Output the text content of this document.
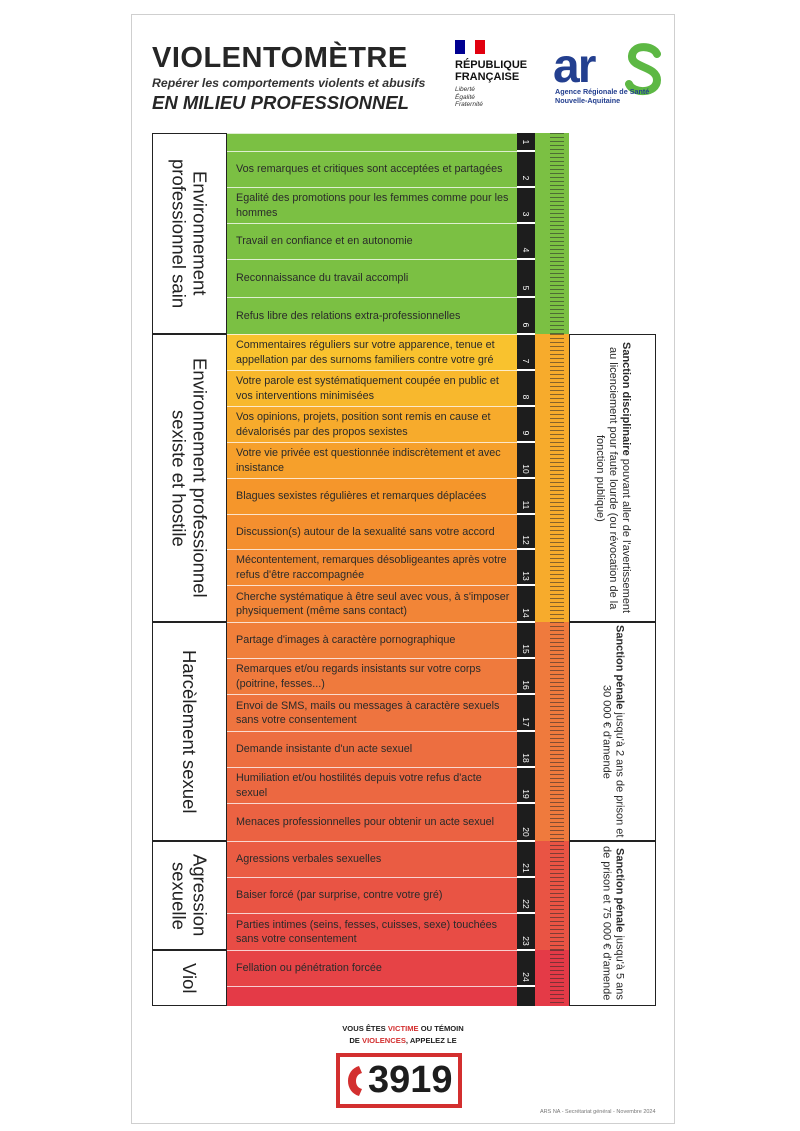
VIOLENTOMÈTRE
Repérer les comportements violents et abusifs
EN MILIEU PROFESSIONNEL
RÉPUBLIQUE
FRANÇAISE
Liberté
Égalité
Fraternité
ar
Agence Régionale de Santé
Nouvelle-Aquitaine
Environnement
professionnel sain
Environnement professionnel
sexiste et hostile
Harcèlement sexuel
Agression
sexuelle
Viol
Vos remarques et critiques sont acceptées et partagées
Egalité des promotions pour les femmes comme pour les hommes
Travail en confiance et en autonomie
Reconnaissance du travail accompli
Refus libre des relations extra-professionnelles
Commentaires réguliers sur votre apparence, tenue et appellation par des surnoms familiers contre votre gré
Votre parole est systématiquement coupée en public et vos interventions minimisées
Vos opinions, projets, position sont remis en cause et dévalorisés par des propos sexistes
Votre vie privée est questionnée indiscrètement et avec insistance
Blagues sexistes régulières et remarques déplacées
Discussion(s) autour de la sexualité sans votre accord
Mécontentement, remarques désobligeantes après votre refus d'être raccompagnée
Cherche systématique à être seul avec vous, à s'imposer physiquement (même sans contact)
Partage d'images à caractère pornographique
Remarques et/ou regards insistants sur votre corps (poitrine, fesses...)
Envoi de SMS, mails ou messages à caractère sexuels sans votre consentement
Demande insistante d'un acte sexuel
Humiliation et/ou hostilités depuis votre refus d'acte sexuel
Menaces professionnelles pour obtenir un acte sexuel
Agressions verbales sexuelles
Baiser forcé (par surprise, contre votre gré)
Parties intimes (seins, fesses, cuisses, sexe) touchées sans votre consentement
Fellation ou pénétration forcée
1
2
3
4
5
6
7
8
9
10
11
12
13
14
15
16
17
18
19
20
21
22
23
24
Sanction disciplinaire pouvant aller de l'avertissement au licenciement pour faute lourde (ou révocation de la fonction publique)
Sanction pénale jusqu'à 2 ans de prison et 30 000 € d'amende
Sanction pénale jusqu'à 5 ans de prison et 75 000 € d'amende
VOUS ÊTES VICTIME OU TÉMOIN
DE VIOLENCES, APPELEZ LE
3919
ARS NA - Secrétariat général - Novembre 2024
